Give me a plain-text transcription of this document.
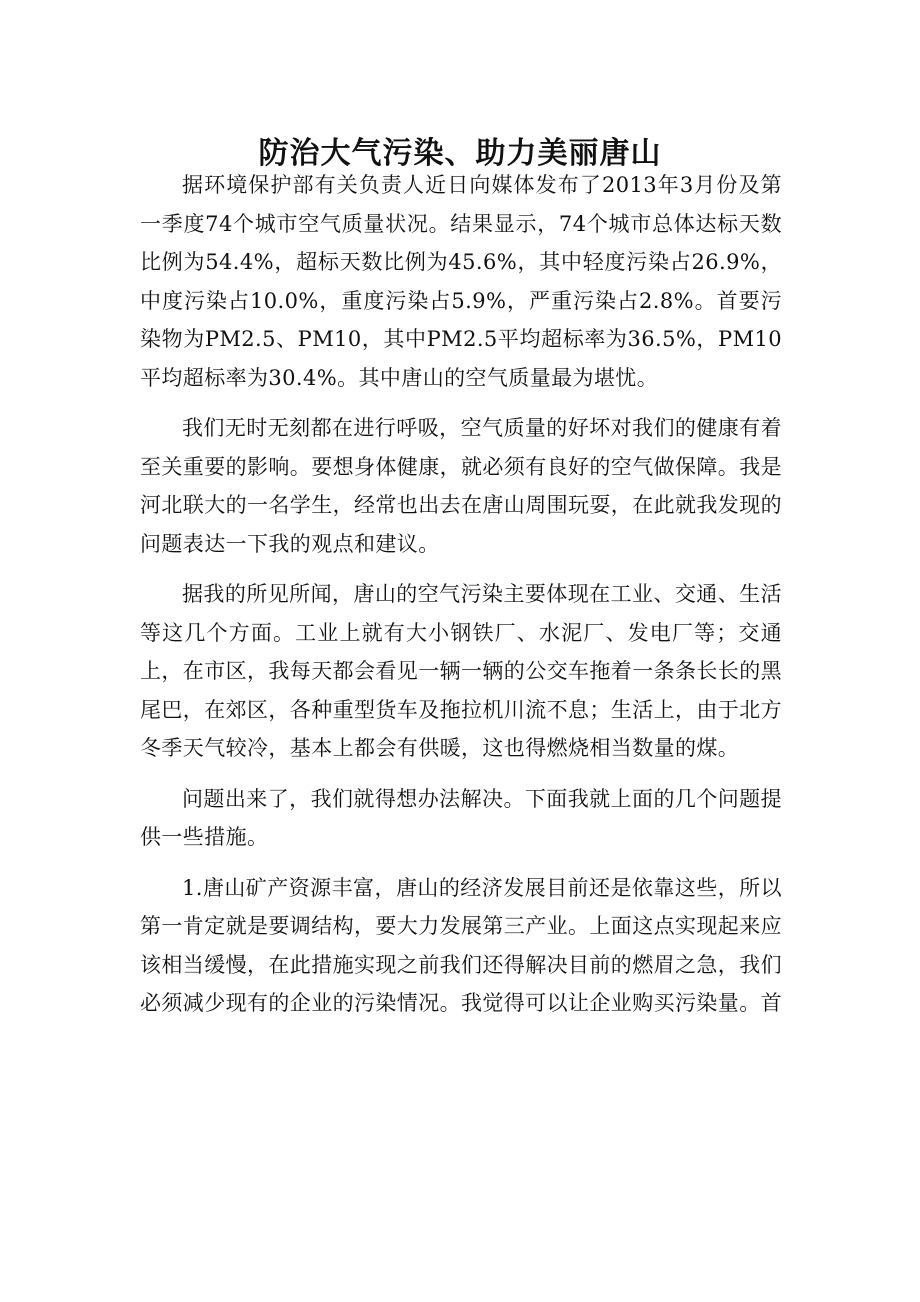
防治大气污染、助力美丽唐山

据环境保护部有关负责人近日向媒体发布了2013年3月份及第一季度74个城市空气质量状况。结果显示，74个城市总体达标天数比例为54.4%，超标天数比例为45.6%，其中轻度污染占26.9%，中度污染占10.0%，重度污染占5.9%，严重污染占2.8%。首要污染物为PM2.5、PM10，其中PM2.5平均超标率为36.5%，PM10平均超标率为30.4%。其中唐山的空气质量最为堪忧。

我们无时无刻都在进行呼吸，空气质量的好坏对我们的健康有着至关重要的影响。要想身体健康，就必须有良好的空气做保障。我是河北联大的一名学生，经常也出去在唐山周围玩耍，在此就我发现的问题表达一下我的观点和建议。

据我的所见所闻，唐山的空气污染主要体现在工业、交通、生活等这几个方面。工业上就有大小钢铁厂、水泥厂、发电厂等；交通上，在市区，我每天都会看见一辆一辆的公交车拖着一条条长长的黑尾巴，在郊区，各种重型货车及拖拉机川流不息；生活上，由于北方冬季天气较冷，基本上都会有供暖，这也得燃烧相当数量的煤。

问题出来了，我们就得想办法解决。下面我就上面的几个问题提供一些措施。

1.唐山矿产资源丰富，唐山的经济发展目前还是依靠这些，所以第一肯定就是要调结构，要大力发展第三产业。上面这点实现起来应该相当缓慢，在此措施实现之前我们还得解决目前的燃眉之急，我们必须减少现有的企业的污染情况。我觉得可以让企业购买污染量。首
